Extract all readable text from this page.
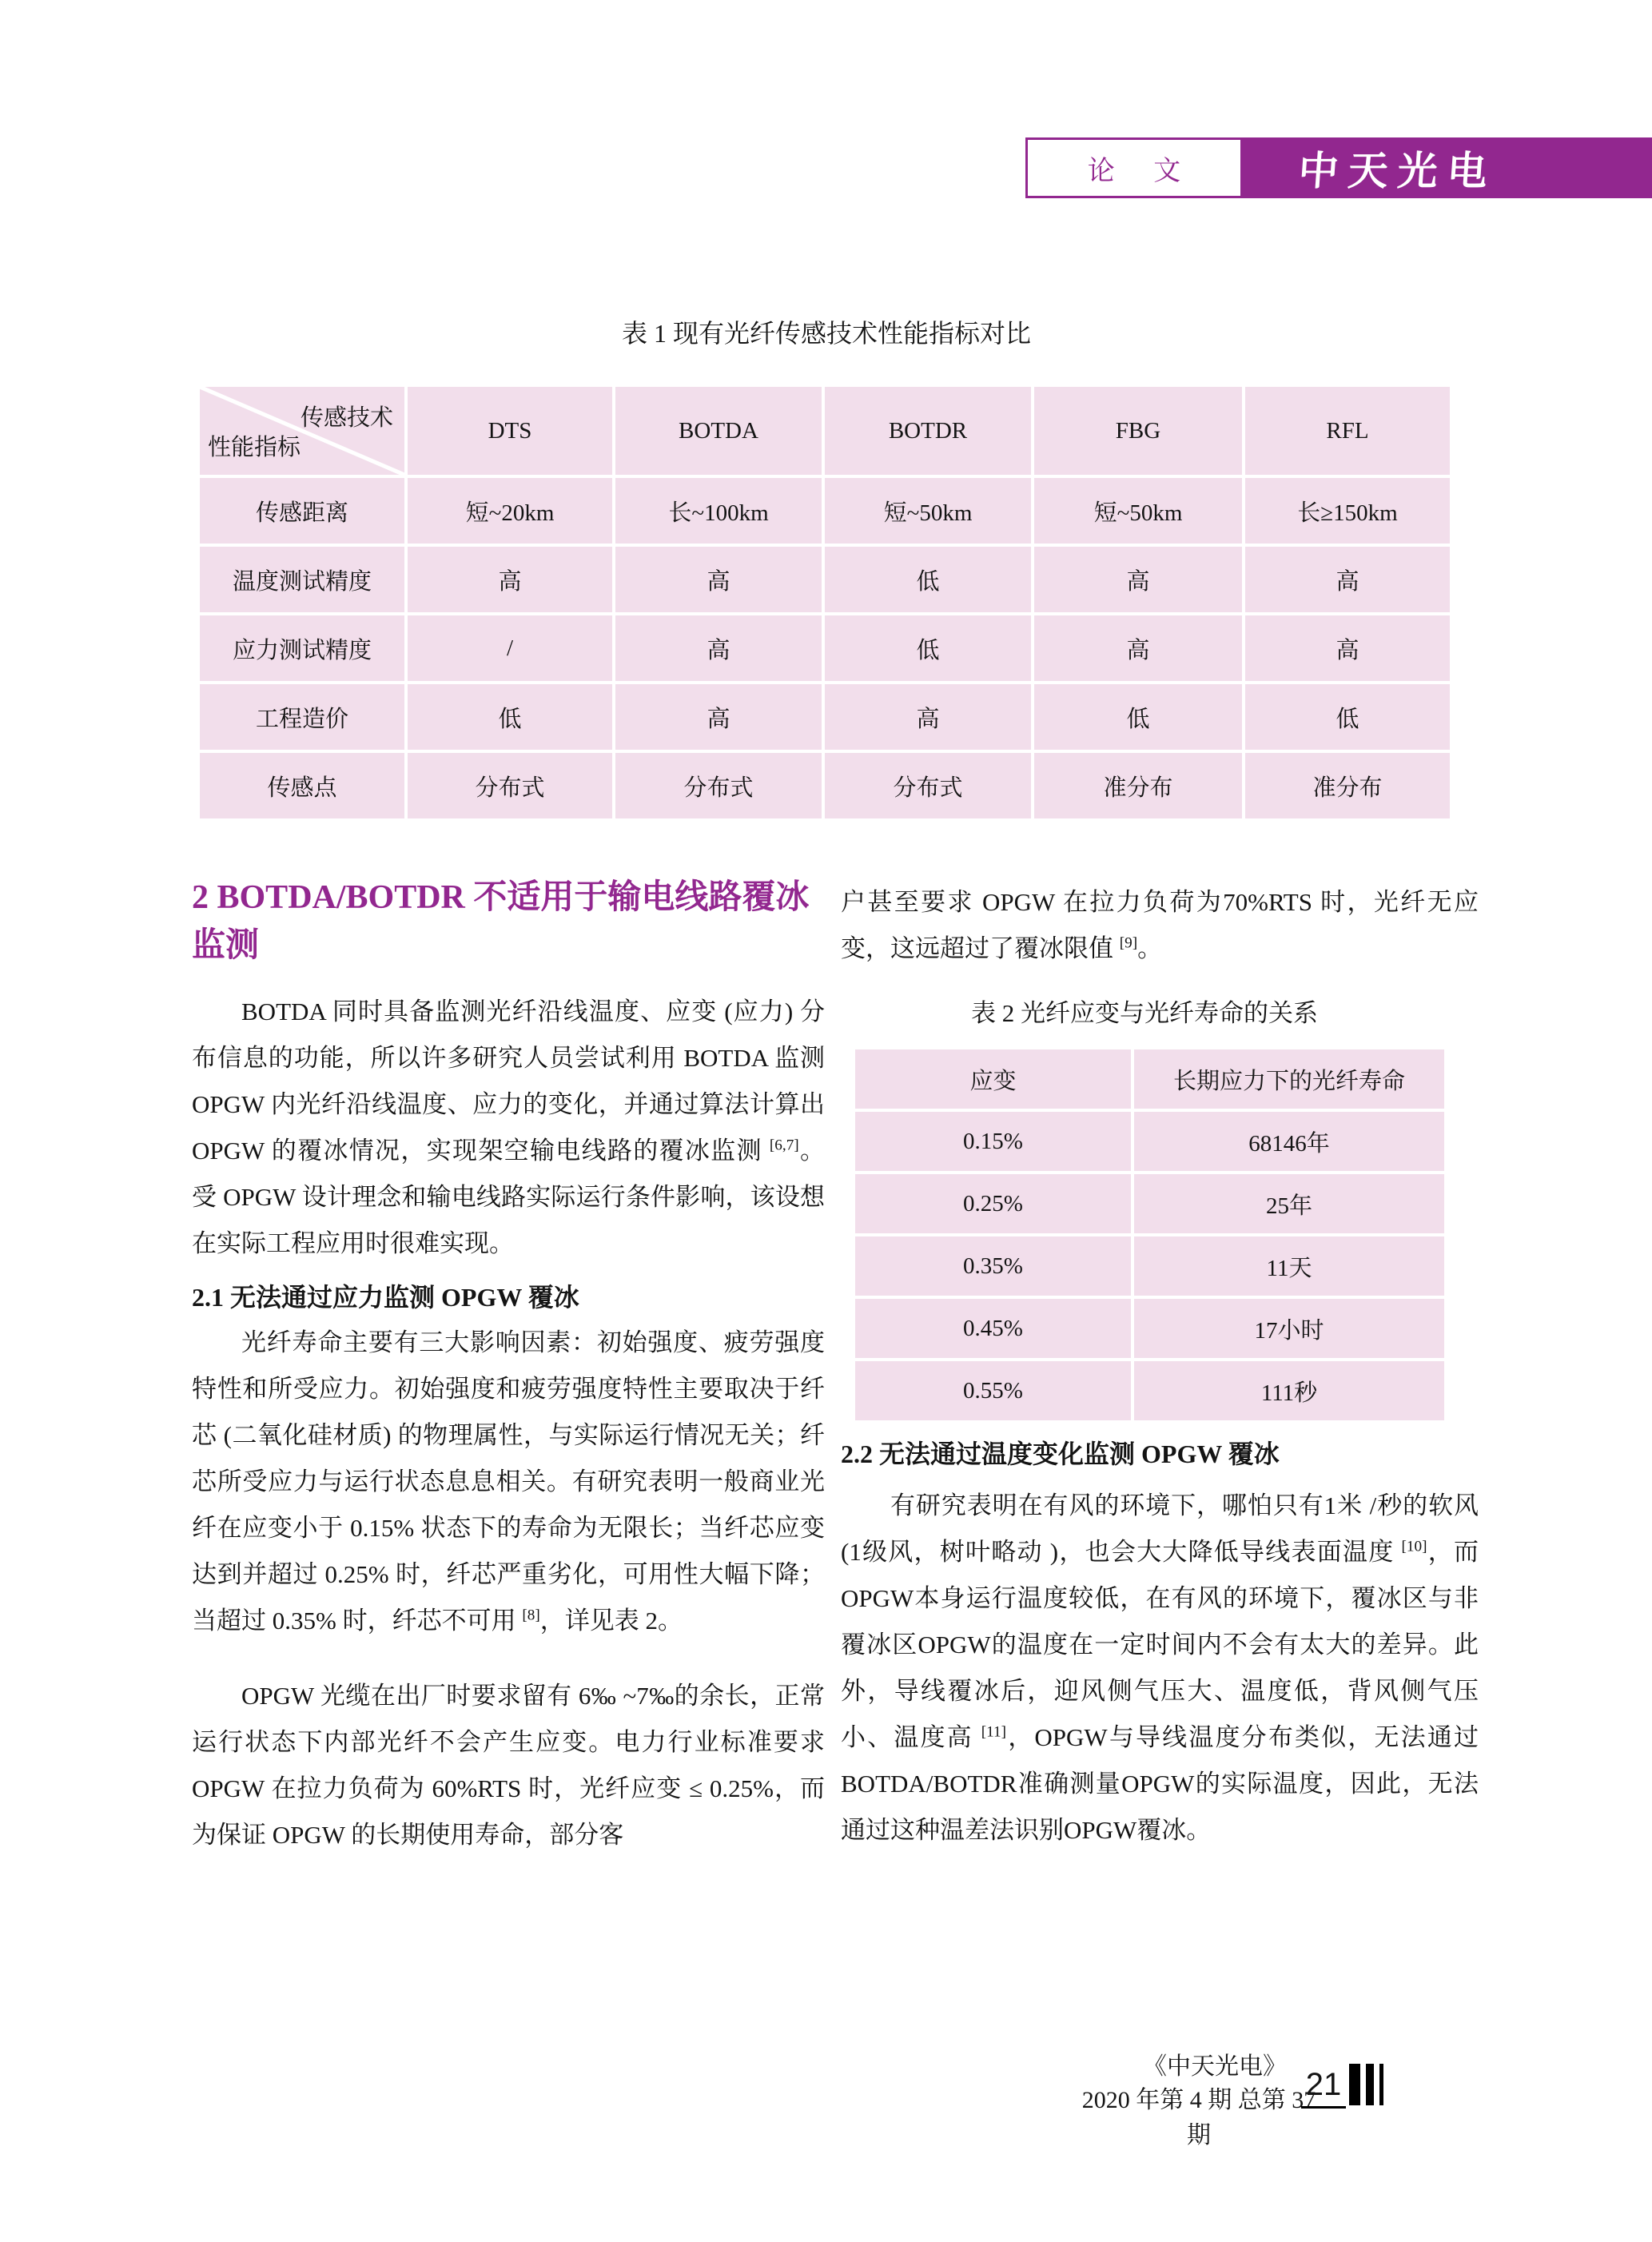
论 文	中天光电
表 1 现有光纤传感技术性能指标对比
传感技术
性能指标	DTS	BOTDA	BOTDR	FBG	RFL
传感距离	短~20km	长~100km	短~50km	短~50km	长≥150km
温度测试精度	高	高	低	高	高
应力测试精度	/	高	低	高	高
工程造价	低	高	高	低	低
传感点	分布式	分布式	分布式	准分布	准分布
2 BOTDA/BOTDR 不适用于输电线路覆冰监测

BOTDA 同时具备监测光纤沿线温度、应变 (应力) 分布信息的功能，所以许多研究人员尝试利用 BOTDA 监测 OPGW 内光纤沿线温度、应力的变化，并通过算法计算出 OPGW 的覆冰情况，实现架空输电线路的覆冰监测 [6,7]。受 OPGW 设计理念和输电线路实际运行条件影响，该设想在实际工程应用时很难实现。

2.1 无法通过应力监测 OPGW 覆冰

光纤寿命主要有三大影响因素：初始强度、疲劳强度特性和所受应力。初始强度和疲劳强度特性主要取决于纤芯 (二氧化硅材质) 的物理属性，与实际运行情况无关；纤芯所受应力与运行状态息息相关。有研究表明一般商业光纤在应变小于 0.15% 状态下的寿命为无限长；当纤芯应变达到并超过 0.25% 时，纤芯严重劣化，可用性大幅下降；当超过 0.35% 时，纤芯不可用 [8]，详见表 2。

OPGW 光缆在出厂时要求留有 6‰ ~7‰的余长，正常运行状态下内部光纤不会产生应变。电力行业标准要求 OPGW 在拉力负荷为 60%RTS 时，光纤应变 ≤ 0.25%，而为保证 OPGW 的长期使用寿命，部分客

户甚至要求 OPGW 在拉力负荷为70%RTS 时，光纤无应变，这远超过了覆冰限值 [9]。

表 2 光纤应变与光纤寿命的关系
应变	长期应力下的光纤寿命
0.15%	68146年
0.25%	25年
0.35%	11天
0.45%	17小时
0.55%	111秒
2.2 无法通过温度变化监测 OPGW 覆冰

有研究表明在有风的环境下，哪怕只有1米 /秒的软风 (1级风，树叶略动 )，也会大大降低导线表面温度 [10]，而 OPGW本身运行温度较低，在有风的环境下，覆冰区与非覆冰区OPGW的温度在一定时间内不会有太大的差异。此外，导线覆冰后，迎风侧气压大、温度低，背风侧气压小、温度高 [11]，OPGW与导线温度分布类似，无法通过 BOTDA/BOTDR准确测量OPGW的实际温度，因此，无法通过这种温差法识别OPGW覆冰。

《中天光电》
2020 年第 4 期 总第 37 期
21
